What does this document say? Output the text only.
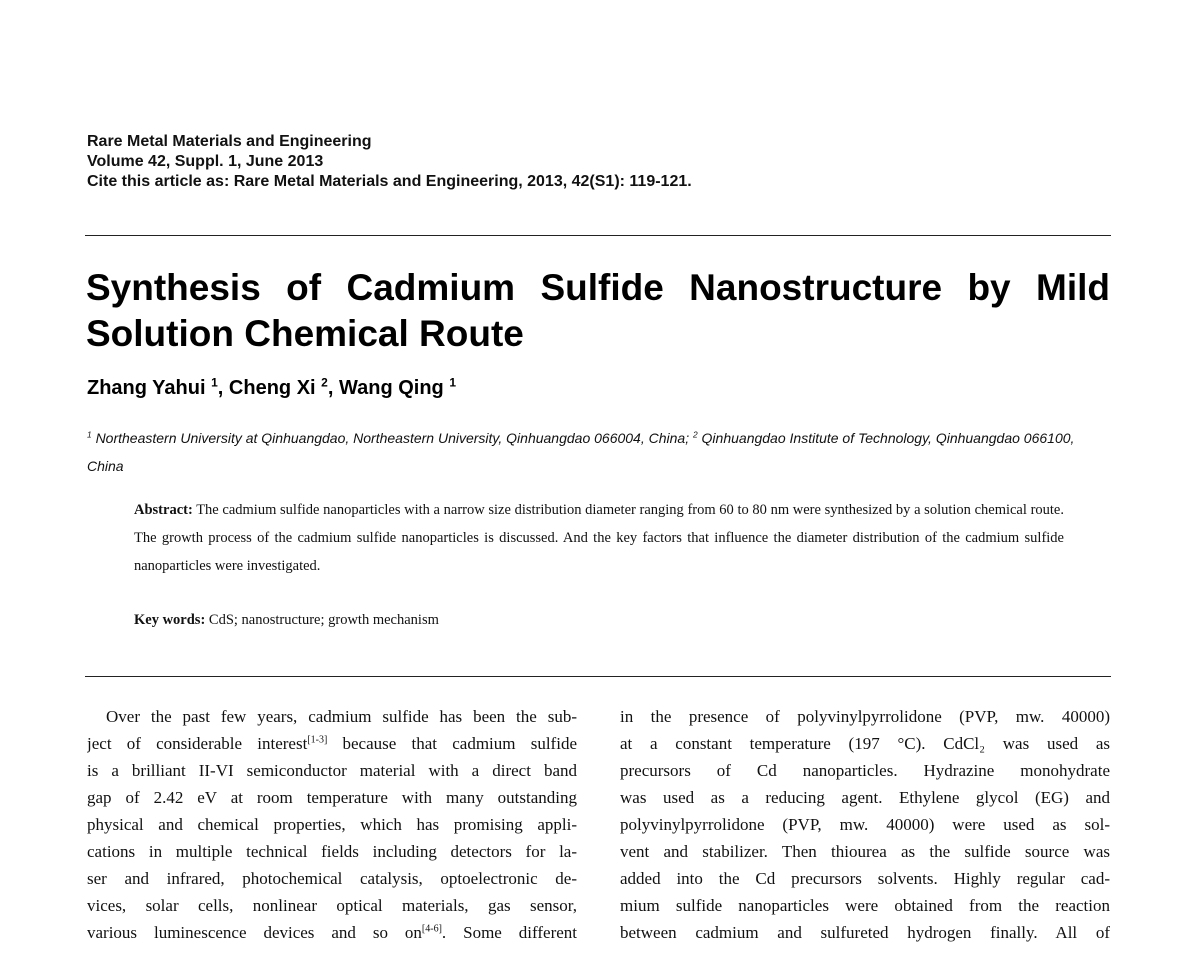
Rare Metal Materials and Engineering
Volume 42, Suppl. 1, June 2013
Cite this article as: Rare Metal Materials and Engineering, 2013, 42(S1): 119-121.
Synthesis of Cadmium Sulfide Nanostructure by Mild Solution Chemical Route
Zhang Yahui $^1$, Cheng Xi $^2$, Wang Qing $^1$
$^1$ Northeastern University at Qinhuangdao, Northeastern University, Qinhuangdao 066004, China; $^2$ Qinhuangdao Institute of Technology, Qinhuangdao 066100, China
Abstract: The cadmium sulfide nanoparticles with a narrow size distribution diameter ranging from 60 to 80 nm were synthesized by a solution chemical route. The growth process of the cadmium sulfide nanoparticles is discussed. And the key factors that influence the diameter distribution of the cadmium sulfide nanoparticles were investigated.
Key words: CdS; nanostructure; growth mechanism
Over the past few years, cadmium sulfide has been the sub-
ject of considerable interest[1-3] because that cadmium sulfide
is a brilliant II-VI semiconductor material with a direct band
gap of 2.42 eV at room temperature with many outstanding
physical and chemical properties, which has promising appli-
cations in multiple technical fields including detectors for la-
ser and infrared, photochemical catalysis, optoelectronic de-
vices, solar cells, nonlinear optical materials, gas sensor,
various luminescence devices and so on[4-6]. Some different
in the presence of polyvinylpyrrolidone (PVP, mw. 40000)
at a constant temperature (197 °C). CdCl₂ was used as
precursors of Cd nanoparticles. Hydrazine monohydrate
was used as a reducing agent. Ethylene glycol (EG) and
polyvinylpyrrolidone (PVP, mw. 40000) were used as sol-
vent and stabilizer. Then thiourea as the sulfide source was
added into the Cd precursors solvents. Highly regular cad-
mium sulfide nanoparticles were obtained from the reaction
between cadmium and sulfureted hydrogen finally. All of
